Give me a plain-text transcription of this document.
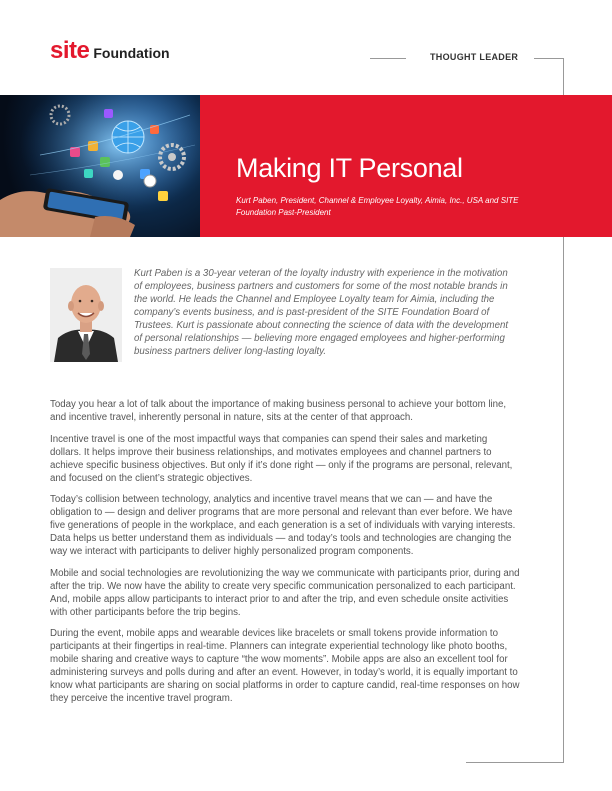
site Foundation	THOUGHT LEADER
Making IT Personal
Kurt Paben, President, Channel & Employee Loyalty, Aimia, Inc., USA and SITE Foundation Past-President
Kurt Paben is a 30-year veteran of the loyalty industry with experience in the motivation of employees, business partners and customers for some of the most notable brands in the world. He leads the Channel and Employee Loyalty team for Aimia, including the company’s events business, and is past-president of the SITE Foundation Board of Trustees. Kurt is passionate about connecting the science of data with the development of personal relationships — believing more engaged employees and higher-performing business partners deliver long-lasting loyalty.

Today you hear a lot of talk about the importance of making business personal to achieve your bottom line, and incentive travel, inherently personal in nature, sits at the center of that approach.

Incentive travel is one of the most impactful ways that companies can spend their sales and marketing dollars. It helps improve their business relationships, and motivates employees and channel partners to achieve specific business objectives. But only if it’s done right — only if the programs are personal, relevant, and focused on the client’s strategic objectives.

Today’s collision between technology, analytics and incentive travel means that we can — and have the obligation to — design and deliver programs that are more personal and relevant than ever before. We have five generations of people in the workplace, and each generation is a set of individuals with varying interests. Data helps us better understand them as individuals — and today’s tools and technologies are changing the way we interact with participants to deliver highly personalized program components.

Mobile and social technologies are revolutionizing the way we communicate with participants prior, during and after the trip. We now have the ability to create very specific communication personalized to each participant. And, mobile apps allow participants to interact prior to and after the trip, and even schedule onsite activities with other participants before the trip begins.

During the event, mobile apps and wearable devices like bracelets or small tokens provide information to participants at their fingertips in real-time. Planners can integrate experiential technology like photo booths, mobile sharing and creative ways to capture “the wow moments”. Mobile apps are also an excellent tool for administering surveys and polls during and after an event. However, in today’s world, it is equally important to know what participants are sharing on social platforms in order to capture candid, real-time responses on how they perceive the incentive travel program.
